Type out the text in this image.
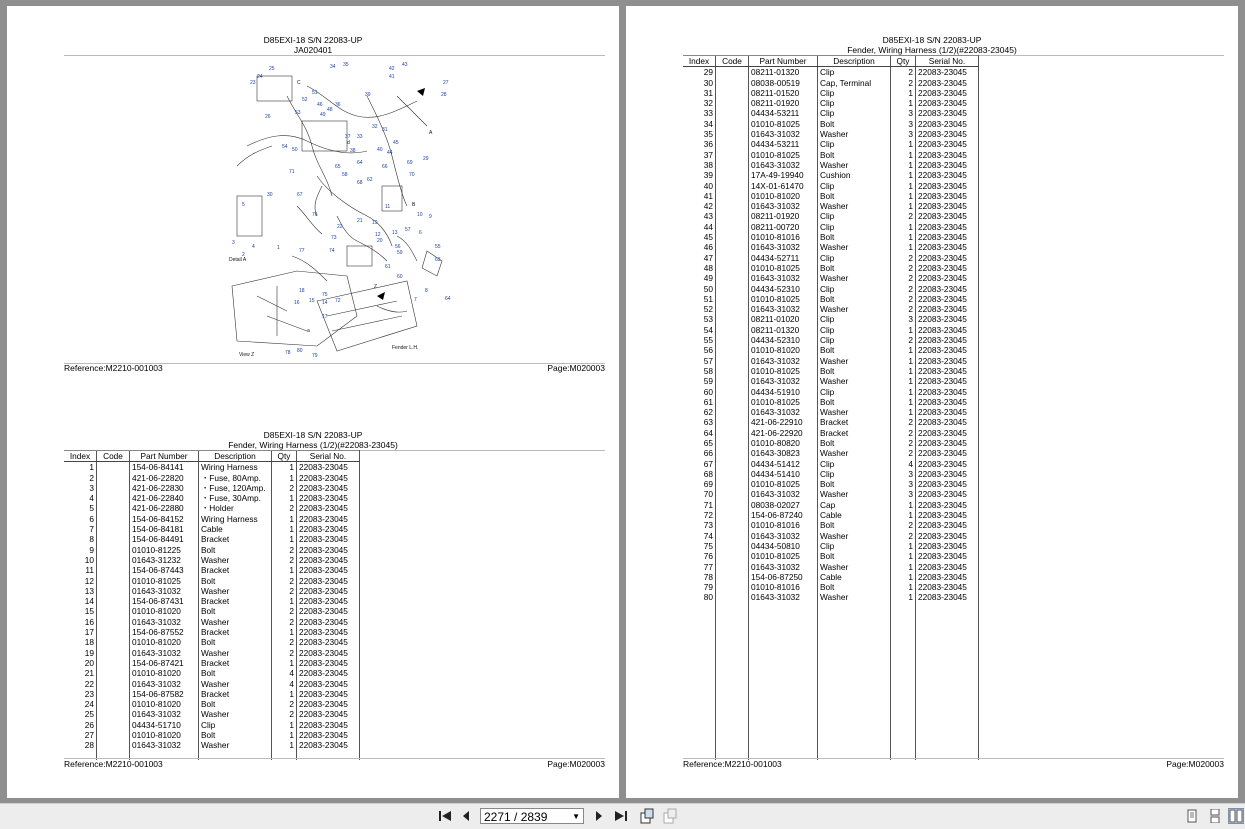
D85EXI-18 S/N 22083-UP
JA020401
24
25
23
35
34	42
43
27
28
41
48
46 36
39
51
52
49
53
31
32
45
29
44
40
33
37
50
54
26
38
69
70
71
65
64
58
62
66
67
68
76
77
80
79
73
5
3
4
2
1
30
10
6
22
12 13
17
18
21 19
20
9
16 15 14
8
11
7
74
72
61
75
59
55
60
57
56
63
78
64
C
A
B
Z
a
d
Detail A
View Z
Fender L.H.
Reference:M2210-001003	Page:M020003
D85EXI-18 S/N 22083-UP
Fender, Wiring Harness (1/2)(#22083-23045)
Index	Code	Part Number	Description	Qty	Serial No.
1		154-06-84141	Wiring Harness	1	22083-23045
2		421-06-22820	・Fuse, 80Amp.	1	22083-23045
3		421-06-22830	・Fuse, 120Amp.	2	22083-23045
4		421-06-22840	・Fuse, 30Amp.	1	22083-23045
5		421-06-22880	・Holder	2	22083-23045
6		154-06-84152	Wiring Harness	1	22083-23045
7		154-06-84181	Cable	1	22083-23045
8		154-06-84491	Bracket	1	22083-23045
9		01010-81225	Bolt	2	22083-23045
10		01643-31232	Washer	2	22083-23045
11		154-06-87443	Bracket	1	22083-23045
12		01010-81025	Bolt	2	22083-23045
13		01643-31032	Washer	2	22083-23045
14		154-06-87431	Bracket	1	22083-23045
15		01010-81020	Bolt	2	22083-23045
16		01643-31032	Washer	2	22083-23045
17		154-06-87552	Bracket	1	22083-23045
18		01010-81020	Bolt	2	22083-23045
19		01643-31032	Washer	2	22083-23045
20		154-06-87421	Bracket	1	22083-23045
21		01010-81020	Bolt	4	22083-23045
22		01643-31032	Washer	4	22083-23045
23		154-06-87582	Bracket	1	22083-23045
24		01010-81020	Bolt	2	22083-23045
25		01643-31032	Washer	2	22083-23045
26		04434-51710	Clip	1	22083-23045
27		01010-81020	Bolt	1	22083-23045
28		01643-31032	Washer	1	22083-23045

Reference:M2210-001003	Page:M020003
D85EXI-18 S/N 22083-UP
Fender, Wiring Harness (1/2)(#22083-23045)
Index	Code	Part Number	Description	Qty	Serial No.
29		08211-01320	Clip	2	22083-23045
30		08038-00519	Cap, Terminal	2	22083-23045
31		08211-01520	Clip	1	22083-23045
32		08211-01920	Clip	1	22083-23045
33		04434-53211	Clip	3	22083-23045
34		01010-81025	Bolt	3	22083-23045
35		01643-31032	Washer	3	22083-23045
36		04434-53211	Clip	1	22083-23045
37		01010-81025	Bolt	1	22083-23045
38		01643-31032	Washer	1	22083-23045
39		17A-49-19940	Cushion	1	22083-23045
40		14X-01-61470	Clip	1	22083-23045
41		01010-81020	Bolt	1	22083-23045
42		01643-31032	Washer	1	22083-23045
43		08211-01920	Clip	2	22083-23045
44		08211-00720	Clip	1	22083-23045
45		01010-81016	Bolt	1	22083-23045
46		01643-31032	Washer	1	22083-23045
47		04434-52711	Clip	2	22083-23045
48		01010-81025	Bolt	2	22083-23045
49		01643-31032	Washer	2	22083-23045
50		04434-52310	Clip	2	22083-23045
51		01010-81025	Bolt	2	22083-23045
52		01643-31032	Washer	2	22083-23045
53		08211-01020	Clip	3	22083-23045
54		08211-01320	Clip	1	22083-23045
55		04434-52310	Clip	2	22083-23045
56		01010-81020	Bolt	1	22083-23045
57		01643-31032	Washer	1	22083-23045
58		01010-81025	Bolt	1	22083-23045
59		01643-31032	Washer	1	22083-23045
60		04434-51910	Clip	1	22083-23045
61		01010-81025	Bolt	1	22083-23045
62		01643-31032	Washer	1	22083-23045
63		421-06-22910	Bracket	2	22083-23045
64		421-06-22920	Bracket	2	22083-23045
65		01010-80820	Bolt	2	22083-23045
66		01643-30823	Washer	2	22083-23045
67		04434-51412	Clip	4	22083-23045
68		04434-51410	Clip	3	22083-23045
69		01010-81025	Bolt	3	22083-23045
70		01643-31032	Washer	3	22083-23045
71		08038-02027	Cap	1	22083-23045
72		154-06-87240	Cable	1	22083-23045
73		01010-81016	Bolt	2	22083-23045
74		01643-31032	Washer	2	22083-23045
75		04434-50810	Clip	1	22083-23045
76		01010-81025	Bolt	1	22083-23045
77		01643-31032	Washer	1	22083-23045
78		154-06-87250	Cable	1	22083-23045
79		01010-81016	Bolt	1	22083-23045
80		01643-31032	Washer	1	22083-23045

Reference:M2210-001003	Page:M020003
2271 / 2839	▼
